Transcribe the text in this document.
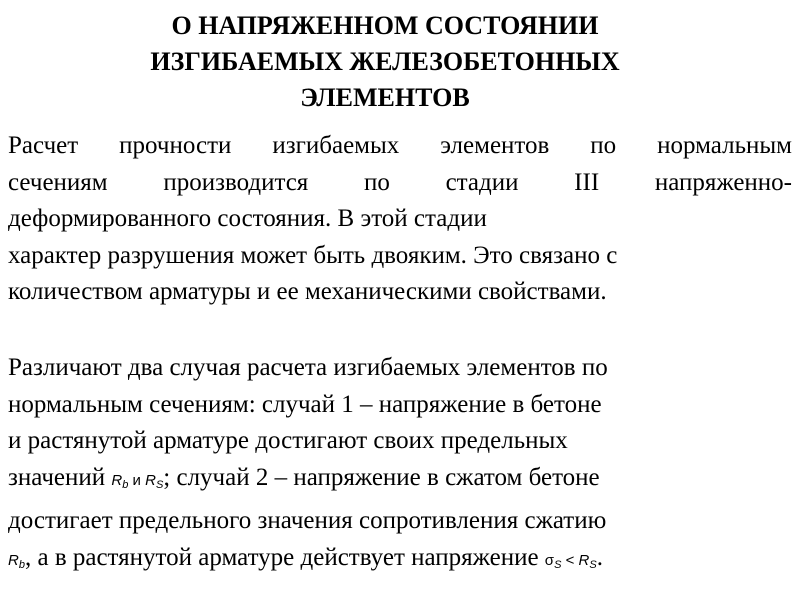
О НАПРЯЖЕННОМ СОСТОЯНИИ
ИЗГИБАЕМЫХ ЖЕЛЕЗОБЕТОННЫХ
ЭЛЕМЕНТОВ
Расчет прочности изгибаемых элементов по нормальным
сечениям производится по стадии III напряженно-
деформированного состояния. В этой стадии
характер разрушения может быть двояким. Это связано с
количеством арматуры и ее механическими свойствами.
Различают два случая расчета изгибаемых элементов по
нормальным сечениям: случай 1 – напряжение в бетоне
и растянутой арматуре достигают своих предельных
значений $R_b$ и $R_S$; случай 2 – напряжение в сжатом бетоне
достигает предельного значения сопротивления сжатию
$R_b$, а в растянутой арматуре действует напряжение $\sigma_S < R_S$.
